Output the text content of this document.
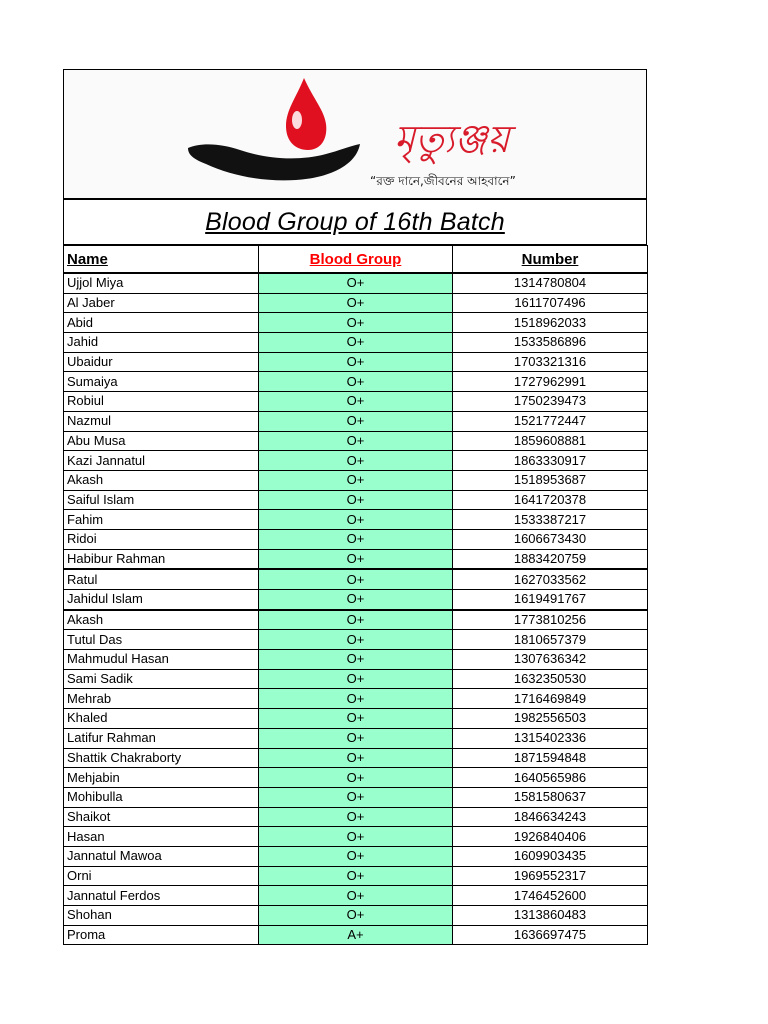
মৃত্যুঞ্জয়
“রক্ত দানে,জীবনের আহবানে”
Blood Group of 16th Batch
Name	Blood Group	Number
Ujjol Miya	O+	1314780804
Al Jaber	O+	1611707496
Abid	O+	1518962033
Jahid	O+	1533586896
Ubaidur	O+	1703321316
Sumaiya	O+	1727962991
Robiul	O+	1750239473
Nazmul	O+	1521772447
Abu Musa	O+	1859608881
Kazi Jannatul	O+	1863330917
Akash	O+	1518953687
Saiful Islam	O+	1641720378
Fahim	O+	1533387217
Ridoi	O+	1606673430
Habibur Rahman	O+	1883420759
Ratul	O+	1627033562
Jahidul Islam	O+	1619491767
Akash	O+	1773810256
Tutul Das	O+	1810657379
Mahmudul Hasan	O+	1307636342
Sami Sadik	O+	1632350530
Mehrab	O+	1716469849
Khaled	O+	1982556503
Latifur Rahman	O+	1315402336
Shattik Chakraborty	O+	1871594848
Mehjabin	O+	1640565986
Mohibulla	O+	1581580637
Shaikot	O+	1846634243
Hasan	O+	1926840406
Jannatul Mawoa	O+	1609903435
Orni	O+	1969552317
Jannatul Ferdos	O+	1746452600
Shohan	O+	1313860483
Proma	A+	1636697475
